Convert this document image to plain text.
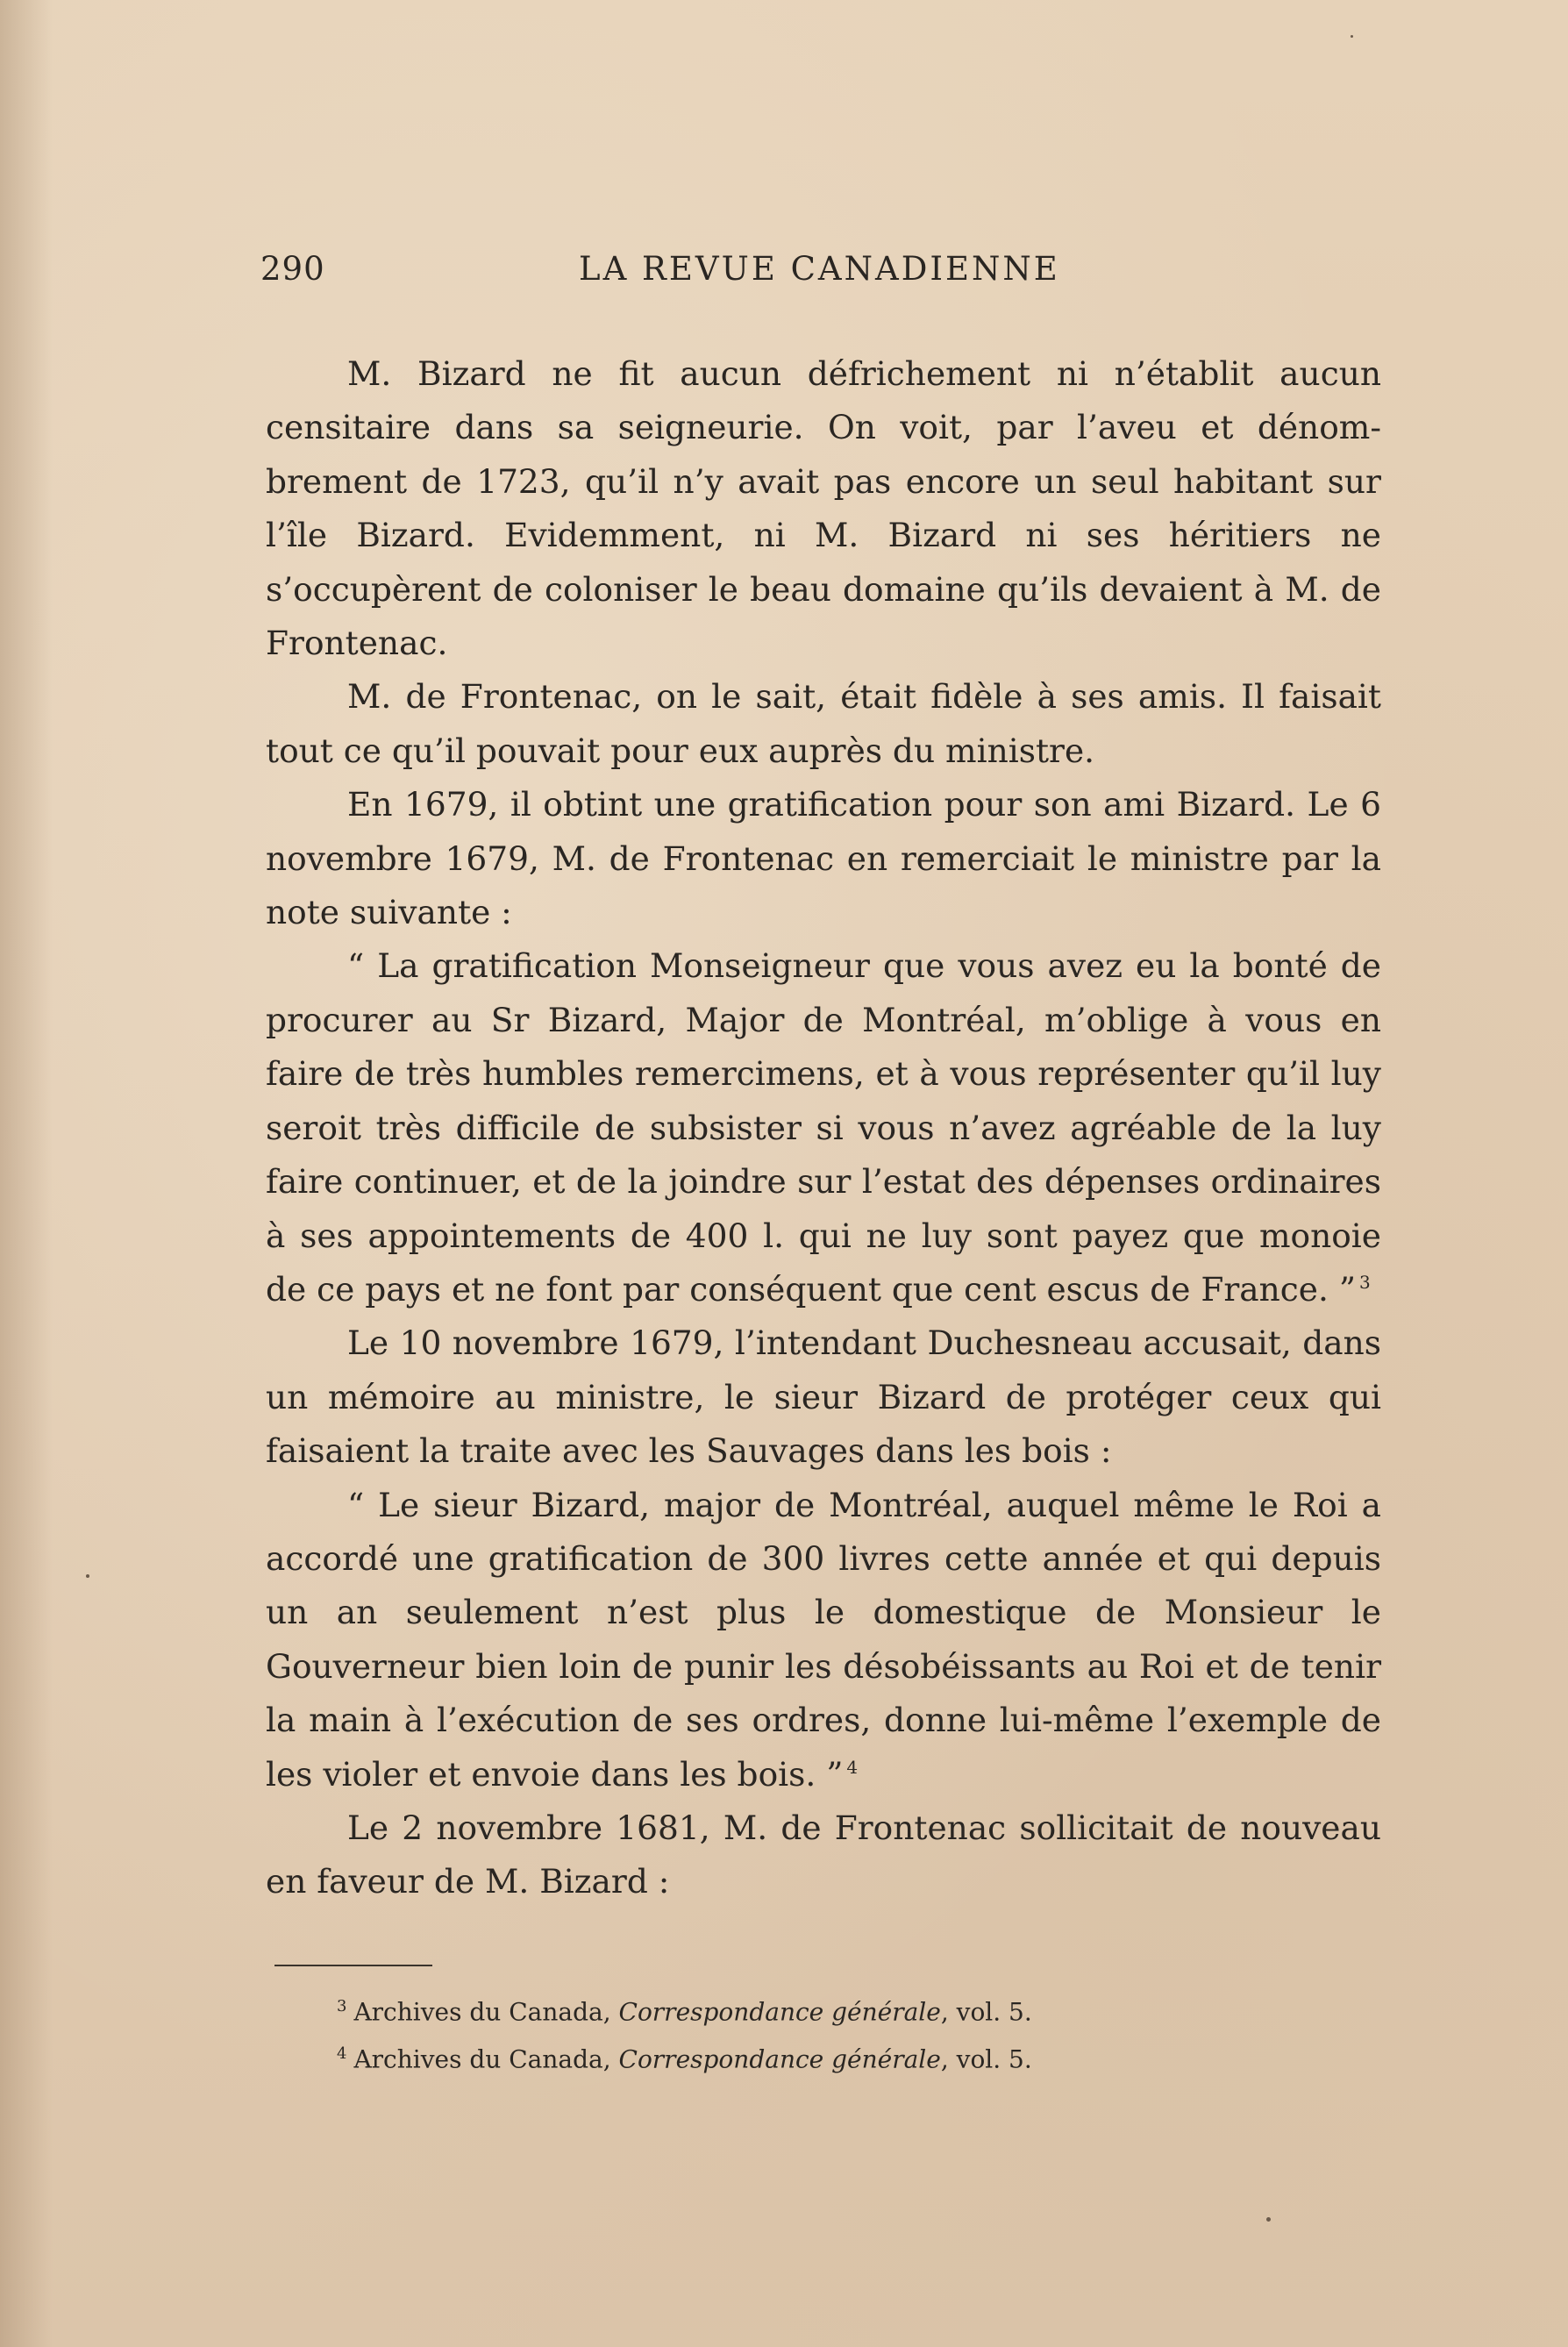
290	LA REVUE CANADIENNE

M. Bizard ne fit aucun défrichement ni n’établit aucun censitaire dans sa seigneurie. On voit, par l’aveu et dénombrement de 1723, qu’il n’y avait pas encore un seul habitant sur l’île Bizard. Evidemment, ni M. Bizard ni ses héritiers ne s’occupèrent de coloniser le beau domaine qu’ils devaient à M. de Frontenac.

M. de Frontenac, on le sait, était fidèle à ses amis. Il faisait tout ce qu’il pouvait pour eux auprès du ministre.

En 1679, il obtint une gratification pour son ami Bizard. Le 6 novembre 1679, M. de Frontenac en remerciait le ministre par la note suivante :

“ La gratification Monseigneur que vous avez eu la bonté de procurer au Sr Bizard, Major de Montréal, m’oblige à vous en faire de très humbles remercimens, et à vous représenter qu’il luy seroit très difficile de subsister si vous n’avez agréable de la luy faire continuer, et de la joindre sur l’estat des dépenses ordinaires à ses appointements de 400 l. qui ne luy sont payez que monoie de ce pays et ne font par conséquent que cent escus de France. ” $^3$

Le 10 novembre 1679, l’intendant Duchesneau accusait, dans un mémoire au ministre, le sieur Bizard de protéger ceux qui faisaient la traite avec les Sauvages dans les bois :

“ Le sieur Bizard, major de Montréal, auquel même le Roi a accordé une gratification de 300 livres cette année et qui depuis un an seulement n’est plus le domestique de Monsieur le Gouverneur bien loin de punir les désobéissants au Roi et de tenir la main à l’exécution de ses ordres, donne lui-même l’exemple de les violer et envoie dans les bois. ” $^4$

Le 2 novembre 1681, M. de Frontenac sollicitait de nouveau en faveur de M. Bizard :

$^3$ Archives du Canada, Correspondance générale, vol. 5.
$^4$ Archives du Canada, Correspondance générale, vol. 5.
